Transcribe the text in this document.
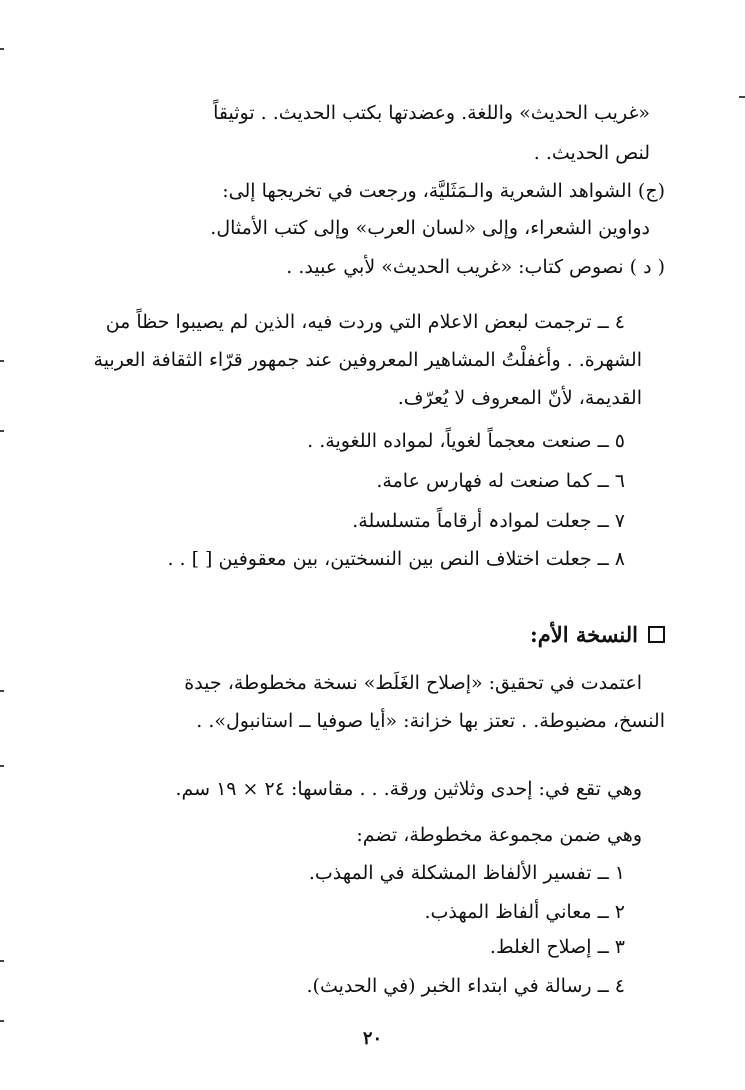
«غريب الحديث» واللغة. وعضدتها بكتب الحديث. . توثيقاً
لنص الحديث. .
(ج) الشواهد الشعرية والـمَثَليَّة، ورجعت في تخريجها إلى:
دواوين الشعراء، وإلى «لسان العرب» وإلى كتب الأمثال.
( د ) نصوص كتاب: «غريب الحديث» لأبي عبيد. .
٤ ــ ترجمت لبعض الاعلام التي وردت فيه، الذين لم يصيبوا حظاً من
الشهرة. . وأغفلْتُ المشاهير المعروفين عند جمهور قرّاء الثقافة العربية
القديمة، لأنّ المعروف لا يُعرّف.
٥ ــ صنعت معجماً لغوياً، لمواده اللغوية. .
٦ ــ كما صنعت له فهارس عامة.
٧ ــ جعلت لموادہ أرقاماً متسلسلة.
٨ ــ جعلت اختلاف النص بين النسختين، بين معقوفين [ ] . .
النسخة الأم:
اعتمدت في تحقيق: «إصلاح الغَلَط» نسخة مخطوطة، جيدة
النسخ، مضبوطة. . تعتز بها خزانة: «أيا صوفيا ــ استانبول». .
وهي تقع في: إحدى وثلاثين ورقة. . . مقاسها: ٢٤ × ١٩ سم.
وهي ضمن مجموعة مخطوطة، تضم:
١ ــ تفسير الألفاظ المشكلة في المهذب.
٢ ــ معاني ألفاظ المهذب.
٣ ــ إصلاح الغلط.
٤ ــ رسالة في ابتداء الخبر (في الحديث).
٢٠
